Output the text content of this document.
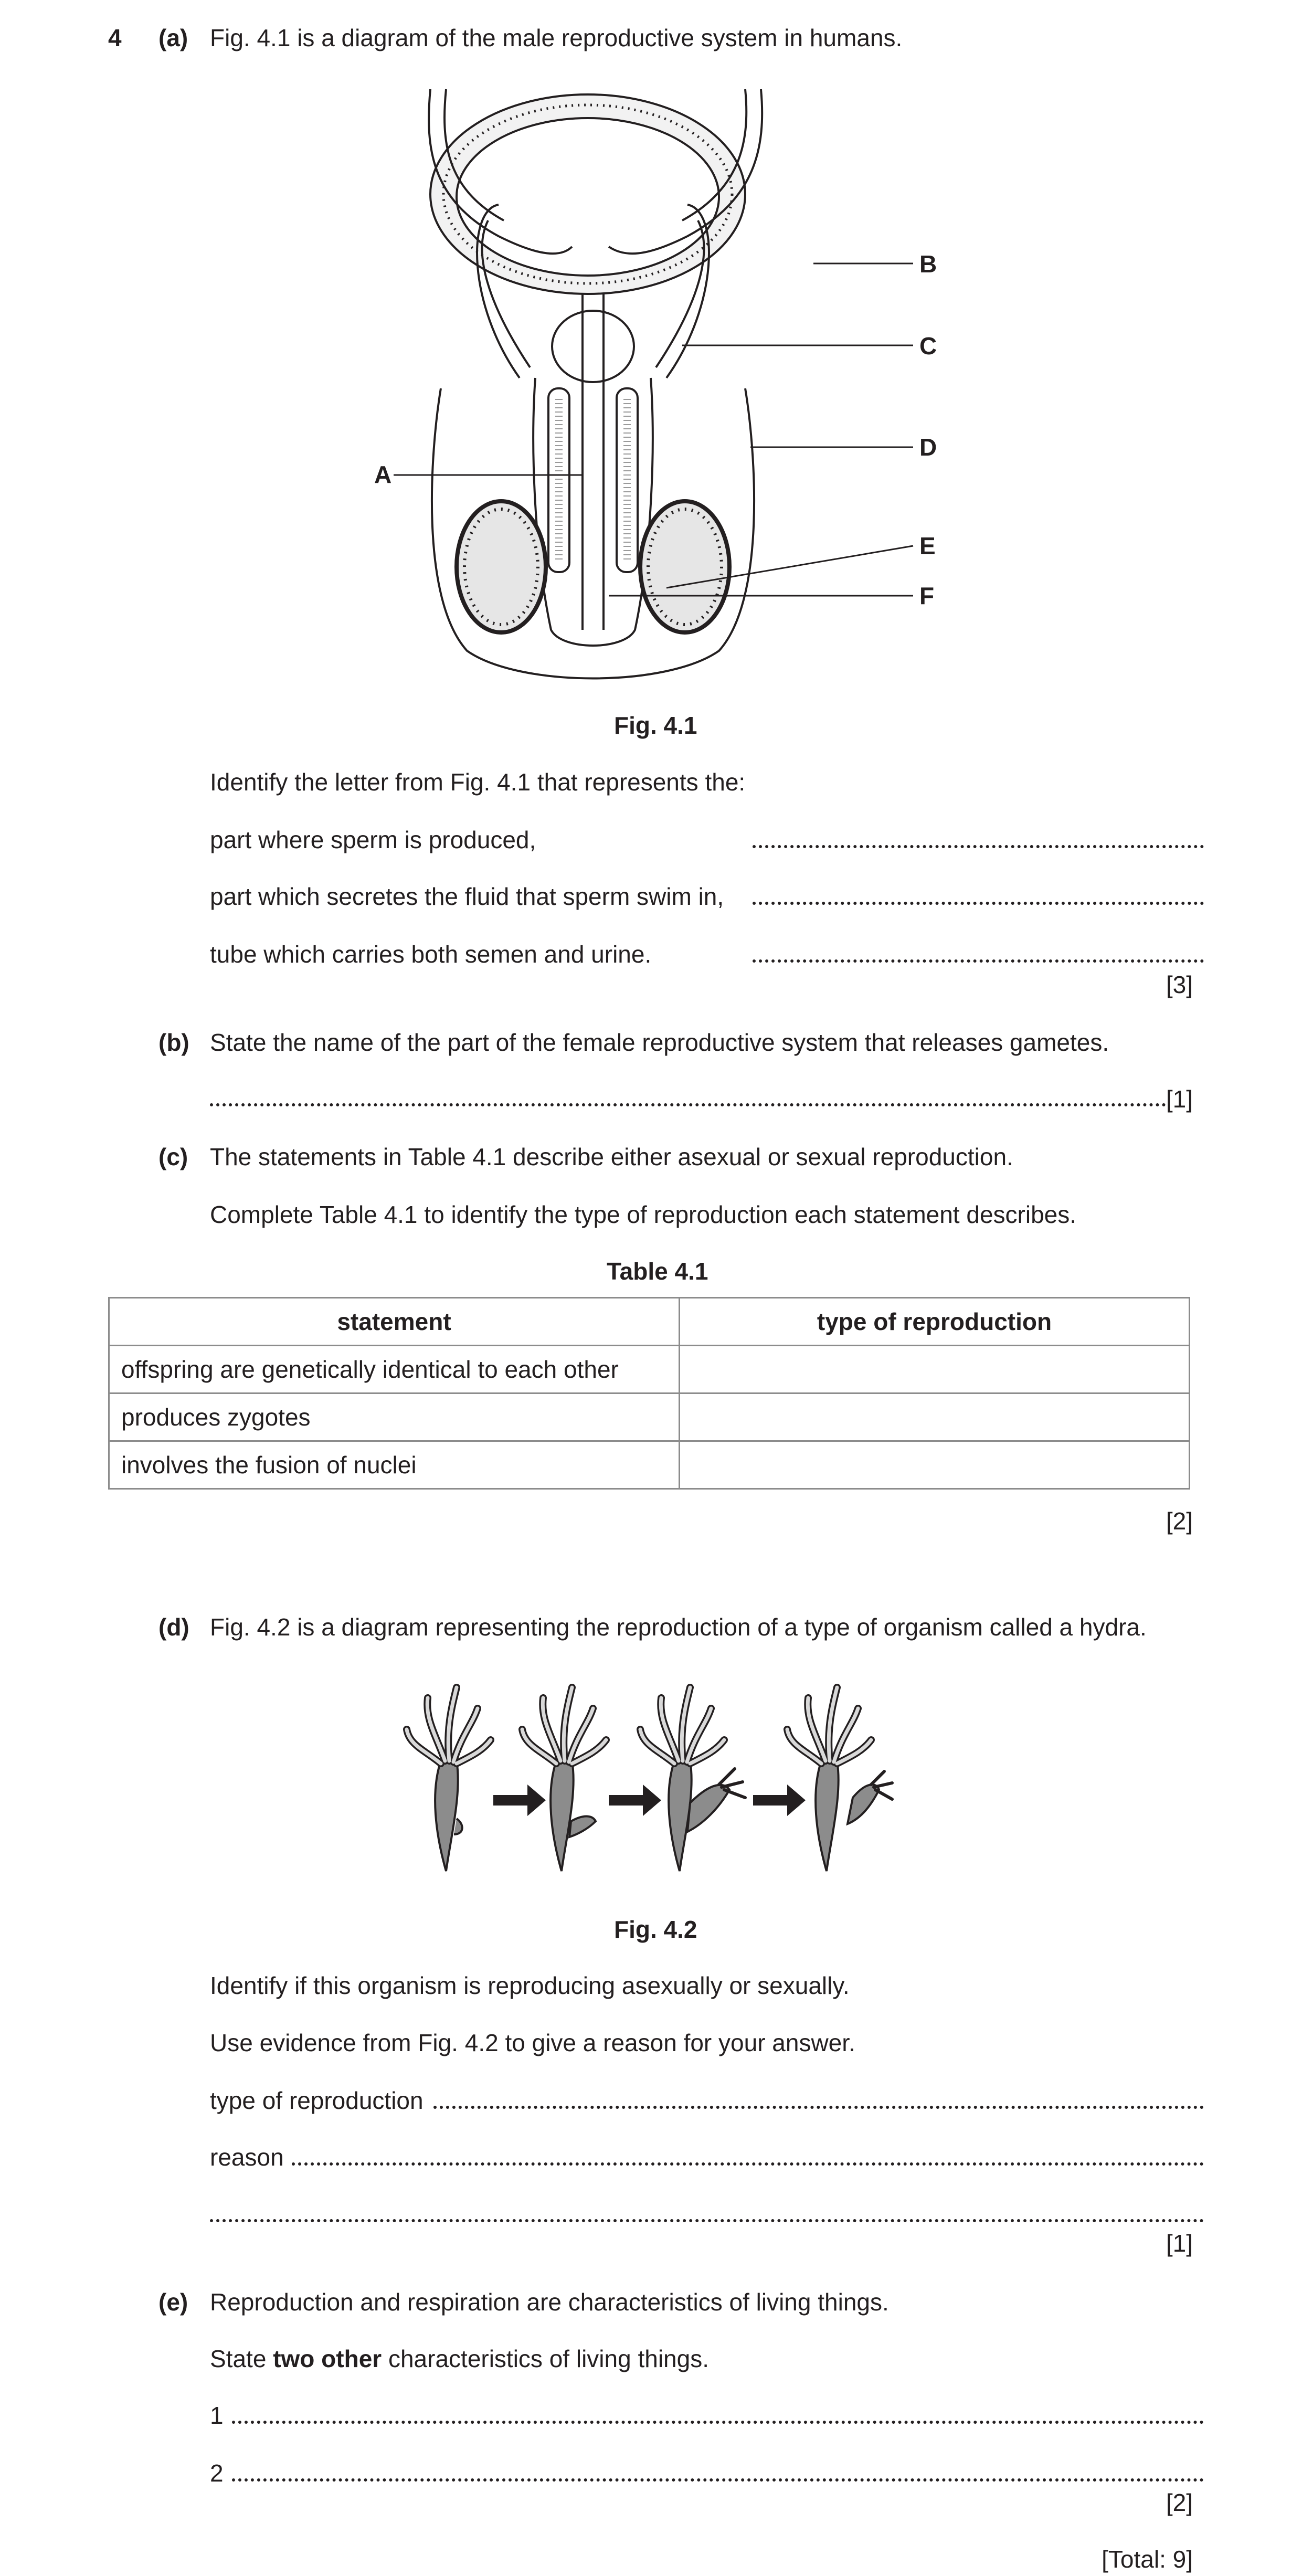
4 (a) Fig. 4.1 is a diagram of the male reproductive system in humans.
A
B
C
D
E
F
Fig. 4.1
Identify the letter from Fig. 4.1 that represents the:
part where sperm is produced,
part which secretes the fluid that sperm swim in,
tube which carries both semen and urine.
[3]
(b) State the name of the part of the female reproductive system that releases gametes.
[1]
(c) The statements in Table 4.1 describe either asexual or sexual reproduction.
Complete Table 4.1 to identify the type of reproduction each statement describes.
Table 4.1
statement	type of reproduction
offspring are genetically identical to each other	
produces zygotes	
involves the fusion of nuclei	
[2]
(d) Fig. 4.2 is a diagram representing the reproduction of a type of organism called a hydra.
Fig. 4.2
Identify if this organism is reproducing asexually or sexually.
Use evidence from Fig. 4.2 to give a reason for your answer.
type of reproduction
reason
[1]
(e) Reproduction and respiration are characteristics of living things.
State two other characteristics of living things.
1
2
[2]
[Total: 9]
